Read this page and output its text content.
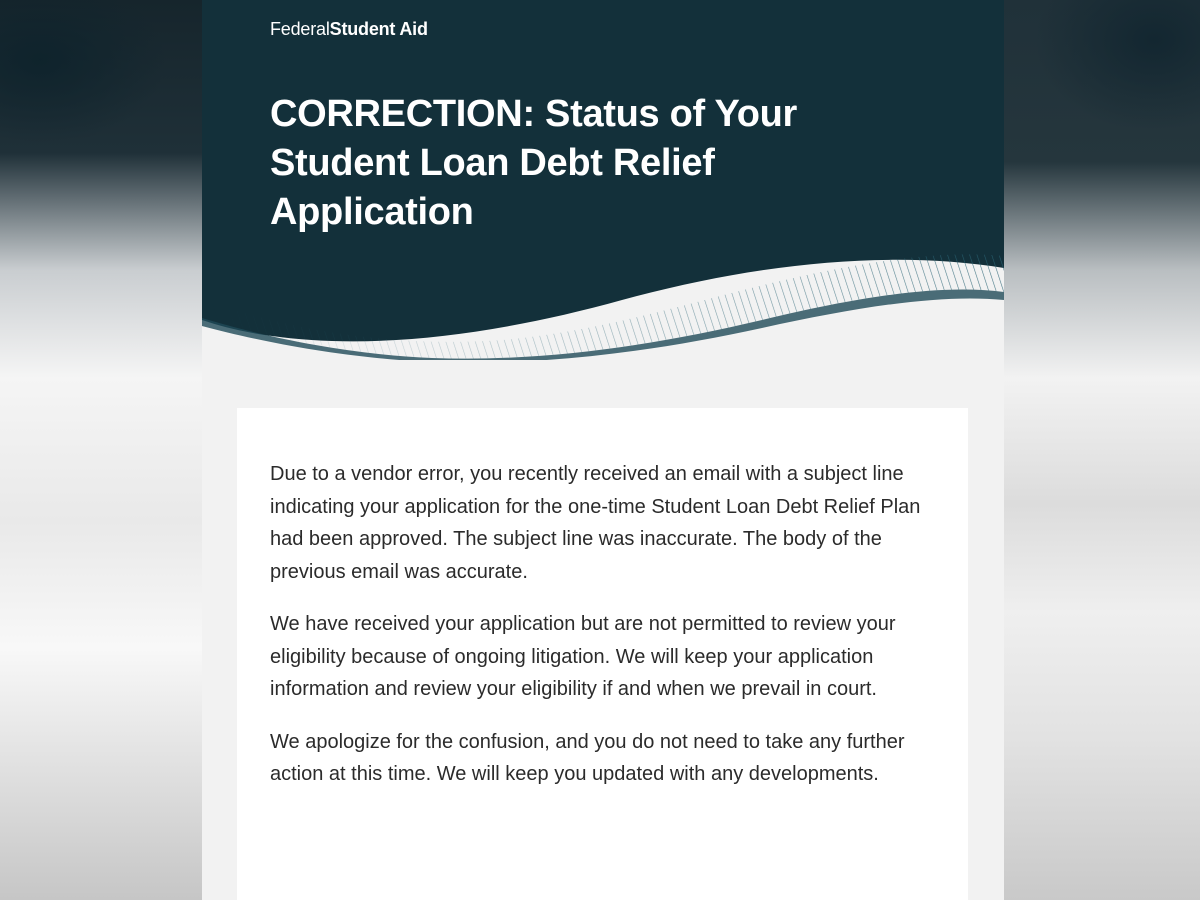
FederalStudent Aid
CORRECTION: Status of Your Student Loan Debt Relief Application

Due to a vendor error, you recently received an email with a subject line indicating your application for the one-time Student Loan Debt Relief Plan had been approved. The subject line was inaccurate. The body of the previous email was accurate.

We have received your application but are not permitted to review your eligibility because of ongoing litigation. We will keep your application information and review your eligibility if and when we prevail in court.

We apologize for the confusion, and you do not need to take any further action at this time. We will keep you updated with any developments.
